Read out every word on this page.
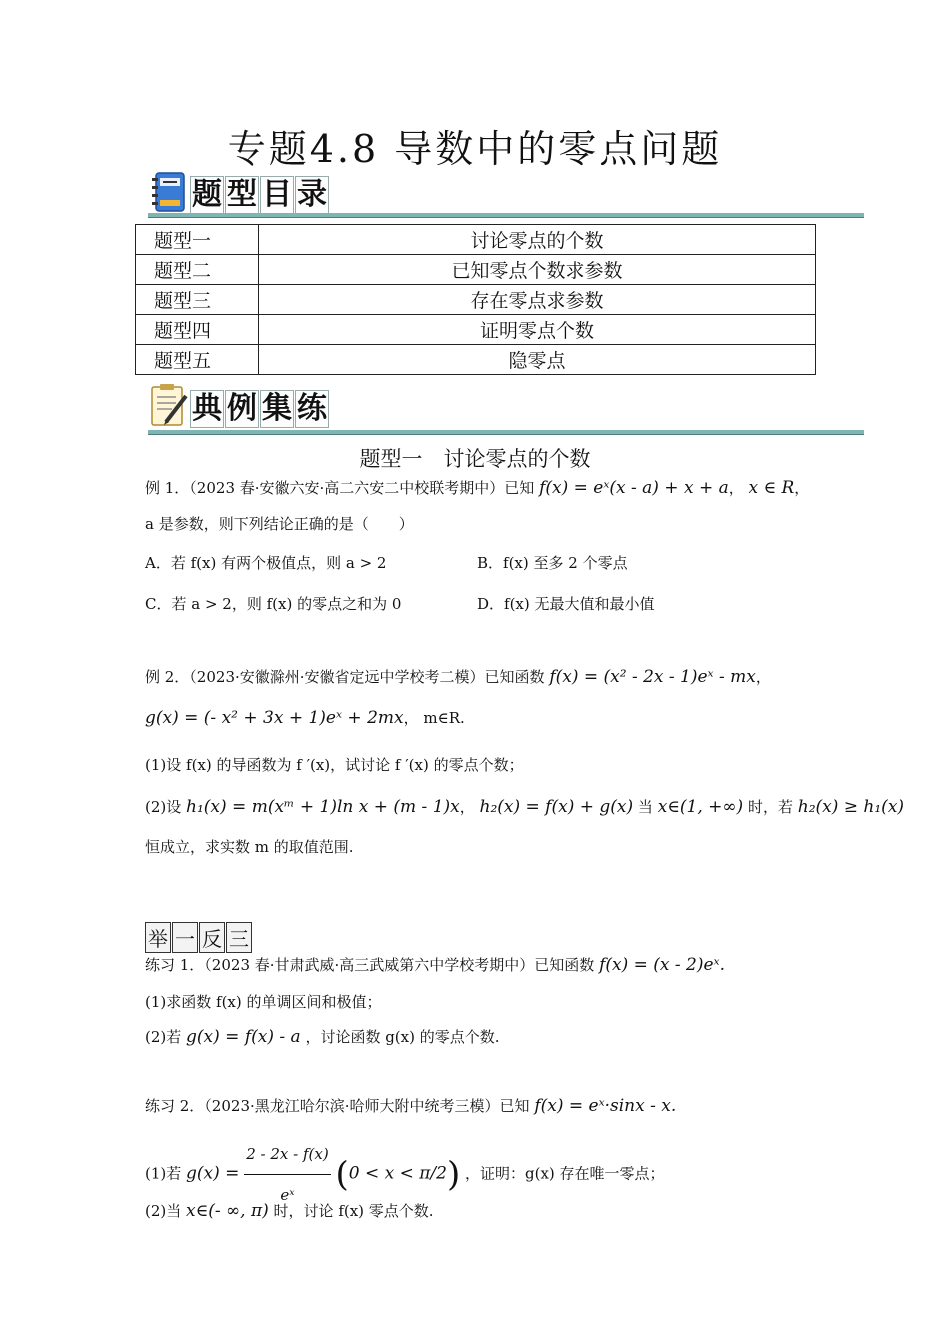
专题4.8 导数中的零点问题
题 型 目 录
题型一	讨论零点的个数
题型二	已知零点个数求参数
题型三	存在零点求参数
题型四	证明零点个数
题型五	隐零点
典 例 集 练
题型一　讨论零点的个数
例 1．（2023 春·安徽六安·高二六安二中校联考期中）已知 f(x) = eˣ(x - a) + x + a， x ∈ R，
a 是参数，则下列结论正确的是（　　）
A．若 f(x) 有两个极值点，则 a > 2	B．f(x) 至多 2 个零点
C．若 a > 2，则 f(x) 的零点之和为 0	D．f(x) 无最大值和最小值
例 2．（2023·安徽滁州·安徽省定远中学校考二模）已知函数 f(x) = (x² - 2x - 1)eˣ - mx，
g(x) = (- x² + 3x + 1)eˣ + 2mx， m∈R.
(1)设 f(x) 的导函数为 f ′(x)，试讨论 f ′(x) 的零点个数；
(2)设 h₁(x) = m(xᵐ + 1)ln x + (m - 1)x， h₂(x) = f(x) + g(x) 当 x∈(1, +∞) 时，若 h₂(x) ≥ h₁(x)
恒成立，求实数 m 的取值范围.
举 一 反 三
练习 1．（2023 春·甘肃武威·高三武威第六中学校考期中）已知函数 f(x) = (x - 2)eˣ.
(1)求函数 f(x) 的单调区间和极值；
(2)若 g(x) = f(x) - a ，讨论函数 g(x) 的零点个数.
练习 2．（2023·黑龙江哈尔滨·哈师大附中统考三模）已知 f(x) = eˣ·sinx - x.
(1)若 $g(x) = \frac{2 - 2x - f(x)}{\text{eˣ}} (0 < x < \pi/2)$ ，证明：g(x) 存在唯一零点；
(2)当 x∈(- ∞, π) 时，讨论 f(x) 零点个数.
